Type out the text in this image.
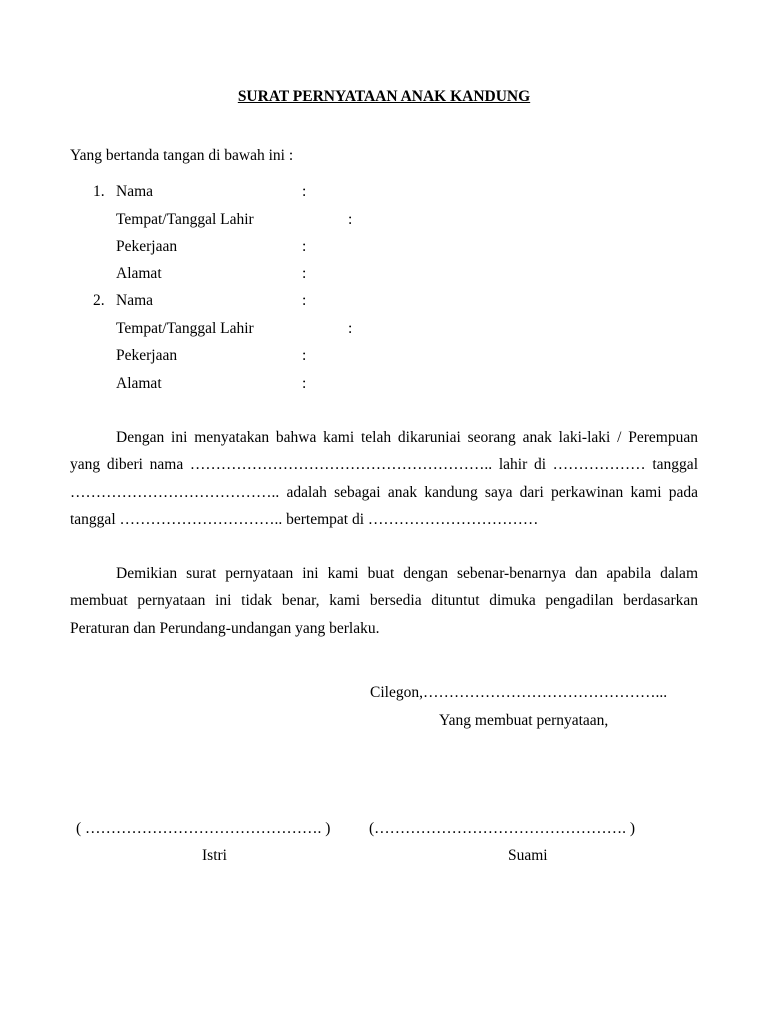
SURAT PERNYATAAN ANAK KANDUNG
Yang bertanda tangan di bawah ini :
1. Nama	:
Tempat/Tanggal Lahir	:
Pekerjaan	:
Alamat	:
2. Nama	:
Tempat/Tanggal Lahir	:
Pekerjaan	:
Alamat	:
Dengan ini menyatakan bahwa kami telah dikaruniai seorang anak laki-laki / Perempuan yang diberi nama ………………………………………………….. lahir di ……………… tanggal ………………………………….. adalah sebagai anak kandung saya dari perkawinan kami pada tanggal ………………………….. bertempat di ……………………………
Demikian surat pernyataan ini kami buat dengan sebenar-benarnya dan apabila dalam membuat pernyataan ini tidak benar, kami bersedia dituntut dimuka pengadilan berdasarkan Peraturan dan Perundang-undangan yang berlaku.
Cilegon,………………………………………...
Yang membuat pernyataan,
( ………………………………………. ) (…………………………………………. )
Istri	Suami
